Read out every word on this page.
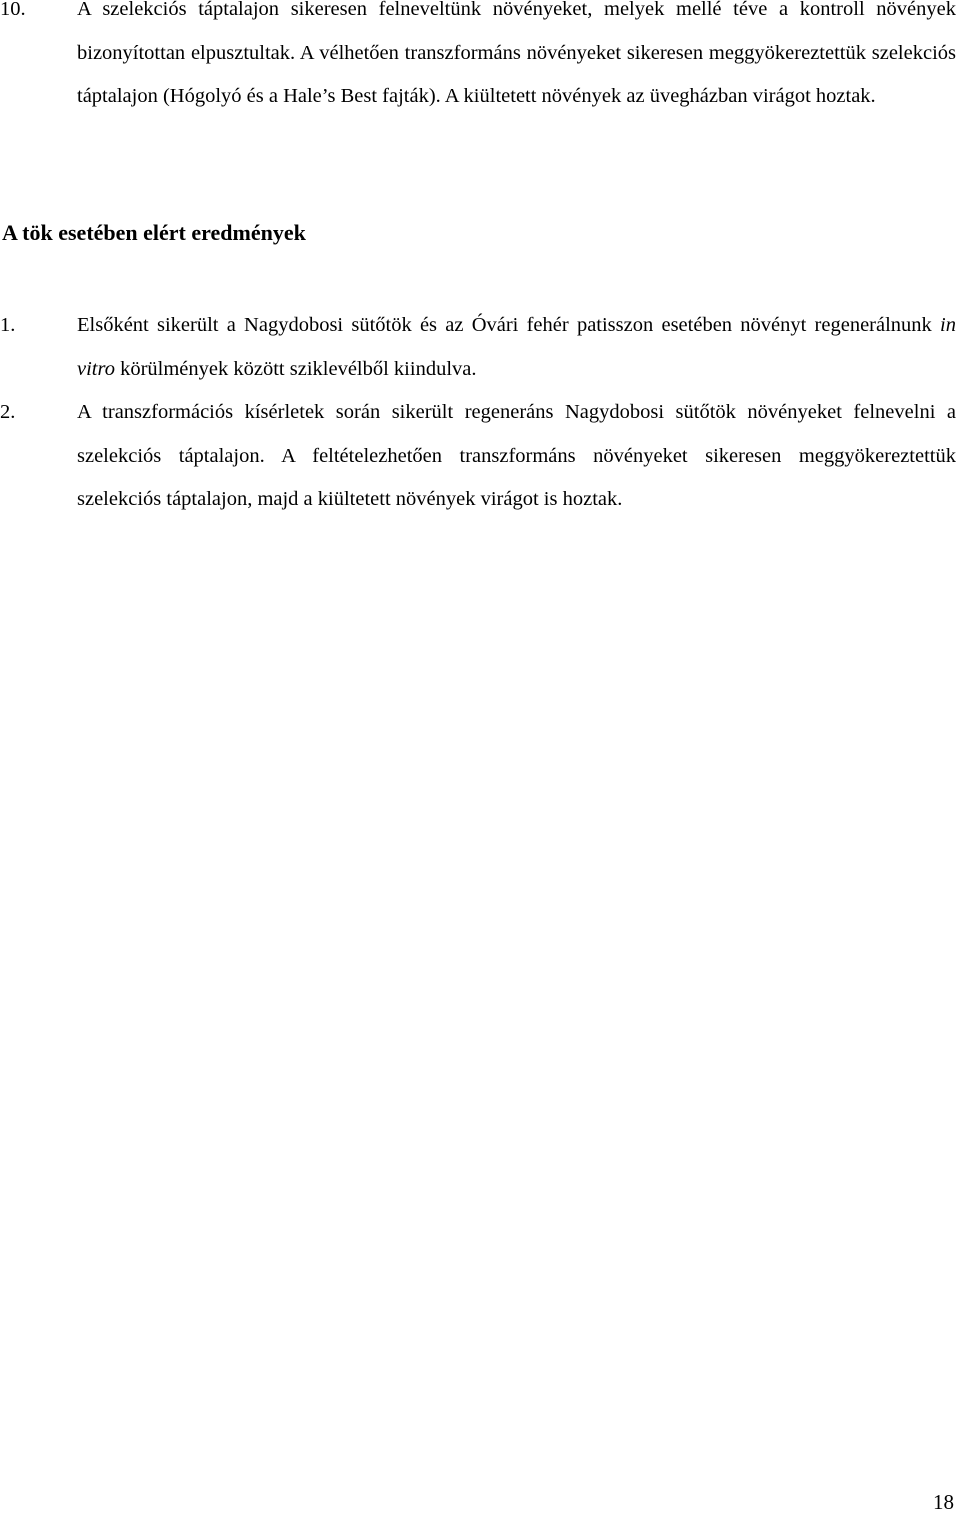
10.	A szelekciós táptalajon sikeresen felneveltünk növényeket, melyek mellé téve a kontroll növények bizonyítottan elpusztultak. A vélhetően transzformáns növényeket sikeresen meggyökereztettük szelekciós táptalajon (Hógolyó és a Hale’s Best fajták). A kiültetett növények az üvegházban virágot hoztak.
A tök esetében elért eredmények
1.	Elsőként sikerült a Nagydobosi sütőtök és az Óvári fehér patisszon esetében növényt regenerálnunk in vitro körülmények között sziklevélből kiindulva.
2.	A transzformációs kísérletek során sikerült regeneráns Nagydobosi sütőtök növényeket felnevelni a szelekciós táptalajon. A feltételezhetően transzformáns növényeket sikeresen meggyökereztettük szelekciós táptalajon, majd a kiültetett növények virágot is hoztak.
18
